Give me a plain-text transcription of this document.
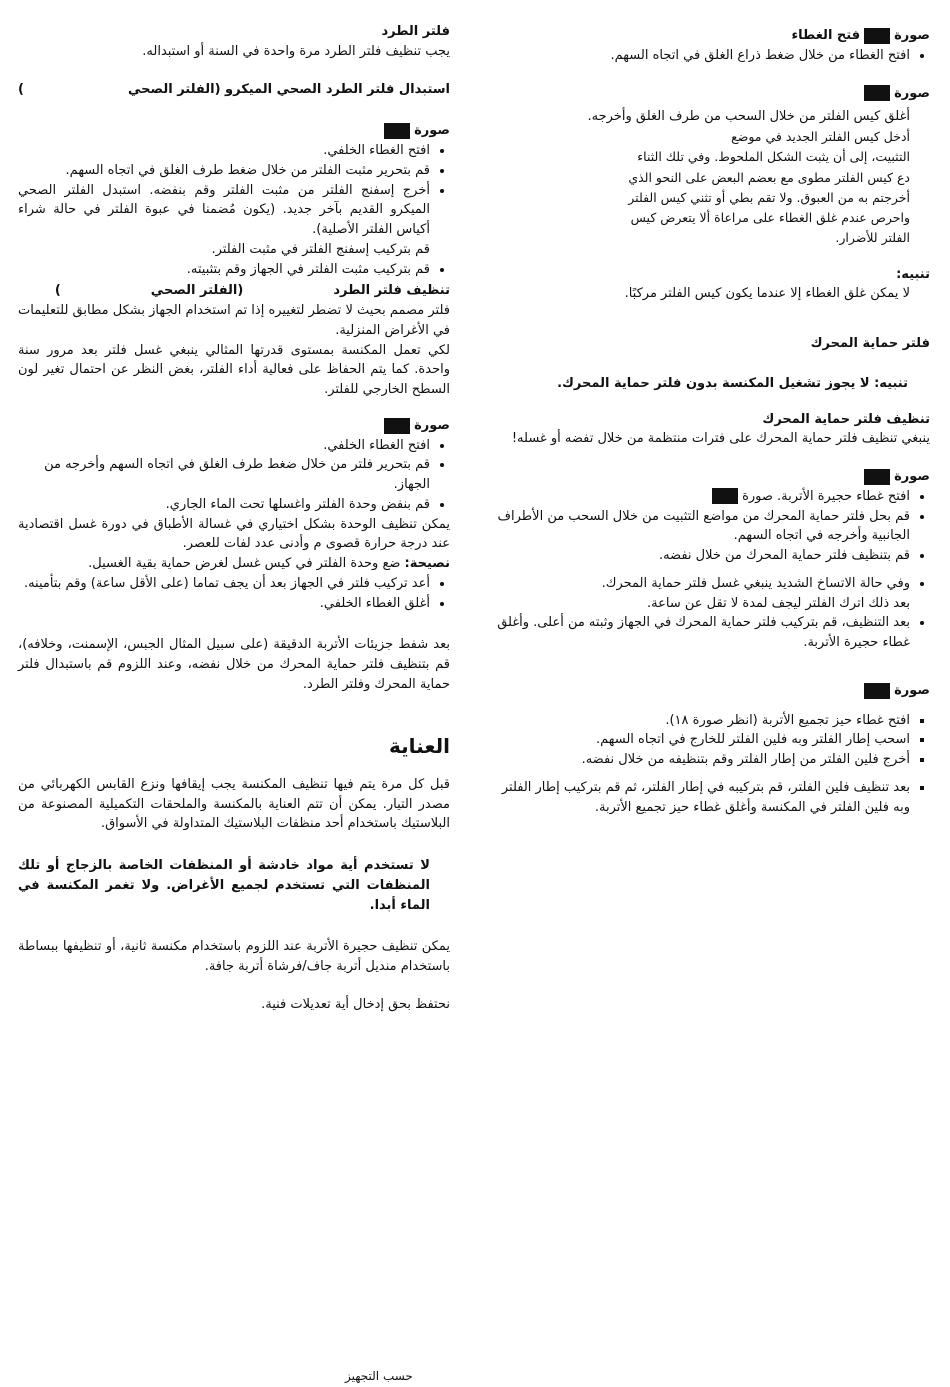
صورة
فتح الغطاء
• افتح الغطاء من خلال ضغط ذراع الغلق في اتجاه السهم.
صورة

أغلق كيس الفلتر من خلال السحب من طرف الغلق وأخرجه.

عضوم يف ديدجلا رتلفلا سيك لخدأ
ءانثلا كلت يفو .طوحلملا لكشلا تبثي نأ ىلإ ،تيبثتلا
يذلا وحنلا ىلع ضعبلا مضعب عم ىوطم رتلفلا سيك عد
رتلفلا سيك ينثت وأ يطب مقت الو .قوبعلا نم هب متجرخأ
سيك ضرعتي الأ ةاعارم ىلع ءاطغلا قلغ مدنع صرحاو
.رارضألل رتلفلا

تنبيه:

لا يمكن غلق الغطاء إلا عندما يكون كيس الفلتر مركبًا.

فلتر حماية المحرك

تنبيه: لا يجوز تشغيل المكنسة بدون فلتر حماية المحرك.

تنظيف فلتر حماية المحرك

ينبغي تنظيف فلتر حماية المحرك على فترات منتظمة من خلال تفضه أو غسله!

صورة
• افتح غطاء حجيرة الأتربة. صورة
• قم بحل فلتر حماية المحرك من مواضع التثبيت من خلال السحب من الأطراف الجانبية وأخرجه في اتجاه السهم.
• قم بتنظيف فلتر حماية المحرك من خلال نفضه.
• وفي حالة الاتساخ الشديد ينبغي غسل فلتر حماية المحرك.
بعد ذلك اترك الفلتر ليجف لمدة لا تقل عن ساعة.
• بعد التنظيف، قم بتركيب فلتر حماية المحرك في الجهاز وثبته من أعلى. وأغلق غطاء حجيرة الأتربة.
صورة
▪ افتح غطاء حيز تجميع الأتربة (انظر صورة ١٨).
▪ اسحب إطار الفلتر وبه فلين الفلتر للخارج في اتجاه السهم.
▪ أخرج فلين الفلتر من إطار الفلتر وقم بتنظيفه من خلال نفضه.
▪ بعد تنظيف فلين الفلتر، قم بتركيبه في إطار الفلتر، ثم قم بتركيب إطار الفلتر وبه فلين الفلتر في المكنسة وأغلق غطاء حيز تجميع الأتربة.

فلتر الطرد

يجب تنظيف فلتر الطرد مرة واحدة في السنة أو استبداله.

استبدال فلتر الطرد الصحي الميكرو (الفلتر الصحي
)

صورة
• افتح الغطاء الخلفي.
• قم بتحرير مثبت الفلتر من خلال ضغط طرف الغلق في اتجاه السهم.
• أخرج إسفنج الفلتر من مثبت الفلتر وقم بنفضه. استبدل الفلتر الصحي الميكرو القديم بآخر جديد. (يكون مُضمنا في عبوة الفلتر في حالة شراء أكياس الفلتر الأصلية).
قم بتركيب إسفنج الفلتر في مثبت الفلتر.
• قم بتركيب مثبت الفلتر في الجهاز وقم بتثبيته.

تنظيف فلتر الطرد
(الفلتر الصحي
)

فلتر مصمم بحيث لا تضطر لتغييره إذا تم استخدام الجهاز بشكل مطابق للتعليمات في الأغراض المنزلية.

لكي تعمل المكنسة بمستوى قدرتها المثالي ينبغي غسل فلتر بعد مرور سنة واحدة. كما يتم الحفاظ على فعالية أداء الفلتر، بغض النظر عن احتمال تغير لون السطح الخارجي للفلتر.

صورة
• افتح الغطاء الخلفي.
• قم بتحرير فلتر من خلال ضغط طرف الغلق في اتجاه السهم وأخرجه من الجهاز.
• قم بنفض وحدة الفلتر واغسلها تحت الماء الجاري.

يمكن تنظيف الوحدة بشكل اختياري في غسالة الأطباق في دورة غسل اقتصادية عند درجة حرارة قصوى م وأدنى عدد لفات للعصر.

نصيحة: ضع وحدة الفلتر في كيس غسل لغرض حماية بقية الغسيل.

• أعد تركيب فلتر في الجهاز بعد أن يجف تماما (على الأقل ساعة) وقم بتأمينه.
• أغلق الغطاء الخلفي.

بعد شفط جزيئات الأتربة الدقيقة (على سبيل المثال الجبس، الإسمنت، وخلافه)، قم بتنظيف فلتر حماية المحرك من خلال نفضه، وعند اللزوم قم باستبدال فلتر حماية المحرك وفلتر الطرد.

العناية

قبل كل مرة يتم فيها تنظيف المكنسة يجب إيقافها ونزع القابس الكهربائي من مصدر التيار. يمكن أن تتم العناية بالمكنسة والملحقات التكميلية المصنوعة من البلاستيك باستخدام أحد منظفات البلاستيك المتداولة في الأسواق.

لا تستخدم أية مواد خادشة أو المنظفات الخاصة بالزجاج أو تلك المنظفات التي تستخدم لجميع الأغراض. ولا تغمر المكنسة في الماء أبدا.

يمكن تنظيف حجيرة الأتربة عند اللزوم باستخدام مكنسة ثانية، أو تنظيفها ببساطة باستخدام منديل أتربة جاف/فرشاة أتربة جافة.

نحتفظ بحق إدخال أية تعديلات فنية.

حسب التجهيز
